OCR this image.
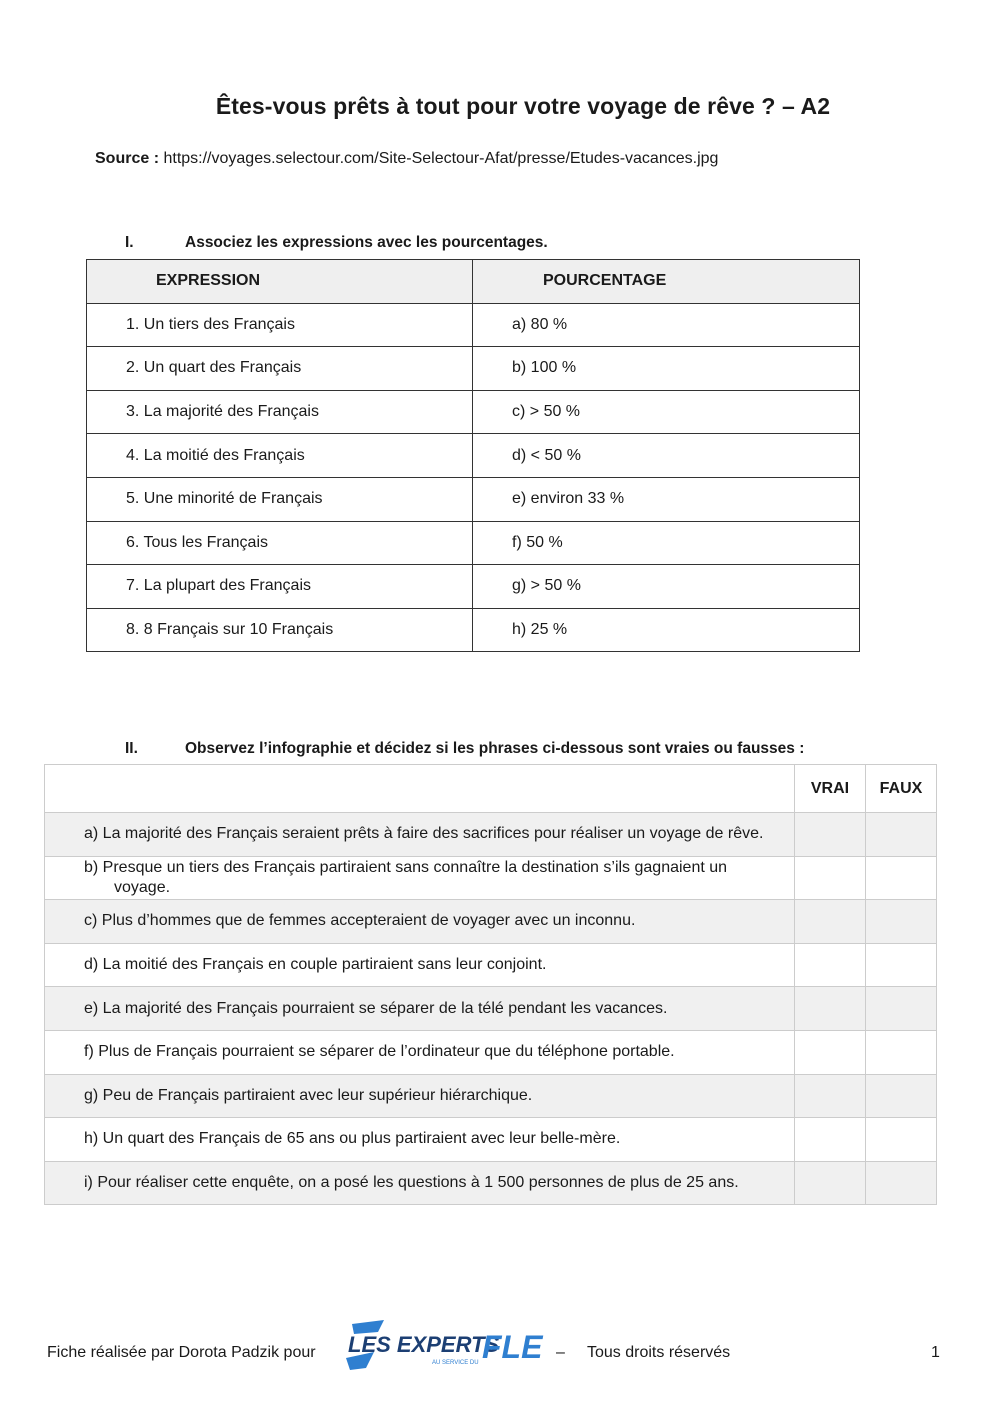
Êtes-vous prêts à tout pour votre voyage de rêve ? – A2
Source : https://voyages.selectour.com/Site-Selectour-Afat/presse/Etudes-vacances.jpg
I.	Associez les expressions avec les pourcentages.
EXPRESSION	POURCENTAGE
1. Un tiers des Français	a) 80 %
2. Un quart des Français	b) 100 %
3. La majorité des Français	c) > 50 %
4. La moitié des Français	d) < 50 %
5. Une minorité de Français	e) environ 33 %
6. Tous les Français	f) 50 %
7. La plupart des Français	g) > 50 %
8. 8 Français sur 10 Français	h) 25 %
II.	Observez l’infographie et décidez si les phrases ci-dessous sont vraies ou fausses :
	VRAI	FAUX

a) La majorité des Français seraient prêts à faire des sacrifices pour réaliser un voyage de rêve.		

b) Presque un tiers des Français partiraient sans connaître la destination s’ils gagnaient un voyage.		

c) Plus d’hommes que de femmes accepteraient de voyager avec un inconnu.		

d) La moitié des Français en couple partiraient sans leur conjoint.		

e) La majorité des Français pourraient se séparer de la télé pendant les vacances.		

f) Plus de Français pourraient se séparer de l’ordinateur que du téléphone portable.		

g) Peu de Français partiraient avec leur supérieur hiérarchique.		

h) Un quart des Français de 65 ans ou plus partiraient avec leur belle-mère.		

i) Pour réaliser cette enquête, on a posé les questions à 1 500 personnes de plus de 25 ans.		

Fiche réalisée par Dorota Padzik pour LES EXPERTS
FLE
AU SERVICE DU
– Tous droits réservés	1
